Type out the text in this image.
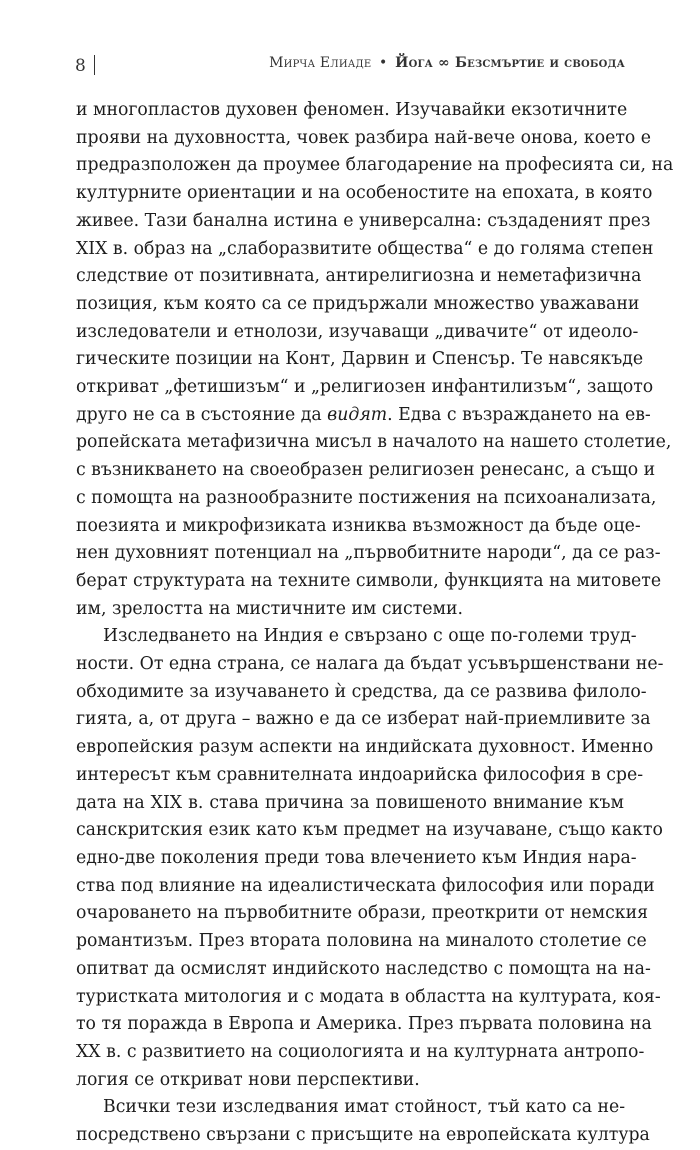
8	Мирча Елиаде • Йога ∞ Безсмъртие и свобода

и многопластов духовен феномен. Изучавайки екзотичните
прояви на духовността, човек разбира най-вече онова, което е
предразположен да проумее благодарение на професията си, на
културните ориентации и на особеностите на епохата, в която
живее. Тази банална истина е универсална: създаденият през
XIX в. образ на „слаборазвитите общества“ е до голяма степен
следствие от позитивната, антирелигиозна и неметафизична
позиция, към която са се придържали множество уважавани
изследователи и етнолози, изучаващи „дивачите“ от идеоло-
гическите позиции на Конт, Дарвин и Спенсър. Те навсякъде
откриват „фетишизъм“ и „религиозен инфантилизъм“, защото
друго не са в състояние да видят. Едва с възраждането на ев-
ропейската метафизична мисъл в началото на нашето столетие,
с възникването на своеобразен религиозен ренесанс, а също и
с помощта на разнообразните постижения на психоанализата,
поезията и микрофизиката изниква възможност да бъде оце-
нен духовният потенциал на „първобитните народи“, да се раз-
берат структурата на техните символи, функцията на митовете
им, зрелостта на мистичните им системи.

Изследването на Индия е свързано с още по-големи труд-
ности. От една страна, се налага да бъдат усъвършенствани не-
обходимите за изучаването ѝ средства, да се развива филоло-
гията, а, от друга – важно е да се изберат най-приемливите за
европейския разум аспекти на индийската духовност. Именно
интересът към сравнителната индоарийска философия в сре-
дата на XIX в. става причина за повишеното внимание към
санскритския език като към предмет на изучаване, също както
едно-две поколения преди това влечението към Индия нара-
ства под влияние на идеалистическата философия или поради
очароването на първобитните образи, преоткрити от немския
романтизъм. През втората половина на миналото столетие се
опитват да осмислят индийското наследство с помощта на на-
туристката митология и с модата в областта на културата, коя-
то тя поражда в Европа и Америка. През първата половина на
XX в. с развитието на социологията и на културната антропо-
логия се откриват нови перспективи.

Всички тези изследвания имат стойност, тъй като са не-
посредствено свързани с присъщите на европейската култура
